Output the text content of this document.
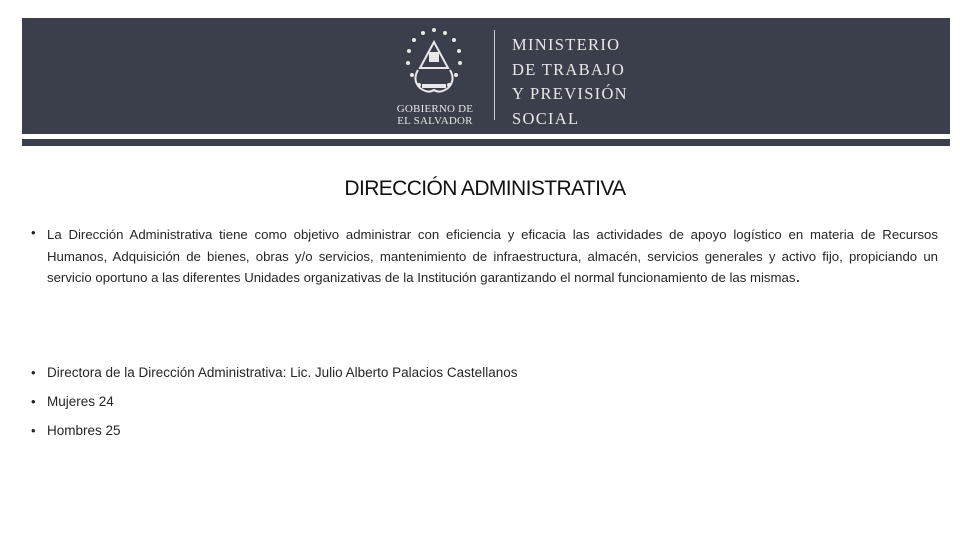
GOBIERNO DE
EL SALVADOR
MINISTERIO
DE TRABAJO
Y PREVISIÓN
SOCIAL
DIRECCIÓN ADMINISTRATIVA
• La Dirección Administrativa tiene como objetivo administrar con eficiencia y eficacia las actividades de apoyo logístico en materia de Recursos Humanos, Adquisición de bienes, obras y/o servicios, mantenimiento de infraestructura, almacén, servicios generales y activo fijo, propiciando un servicio oportuno a las diferentes Unidades organizativas de la Institución garantizando el normal funcionamiento de las mismas.
• Directora de la Dirección Administrativa: Lic. Julio Alberto Palacios Castellanos
• Mujeres 24
• Hombres 25
